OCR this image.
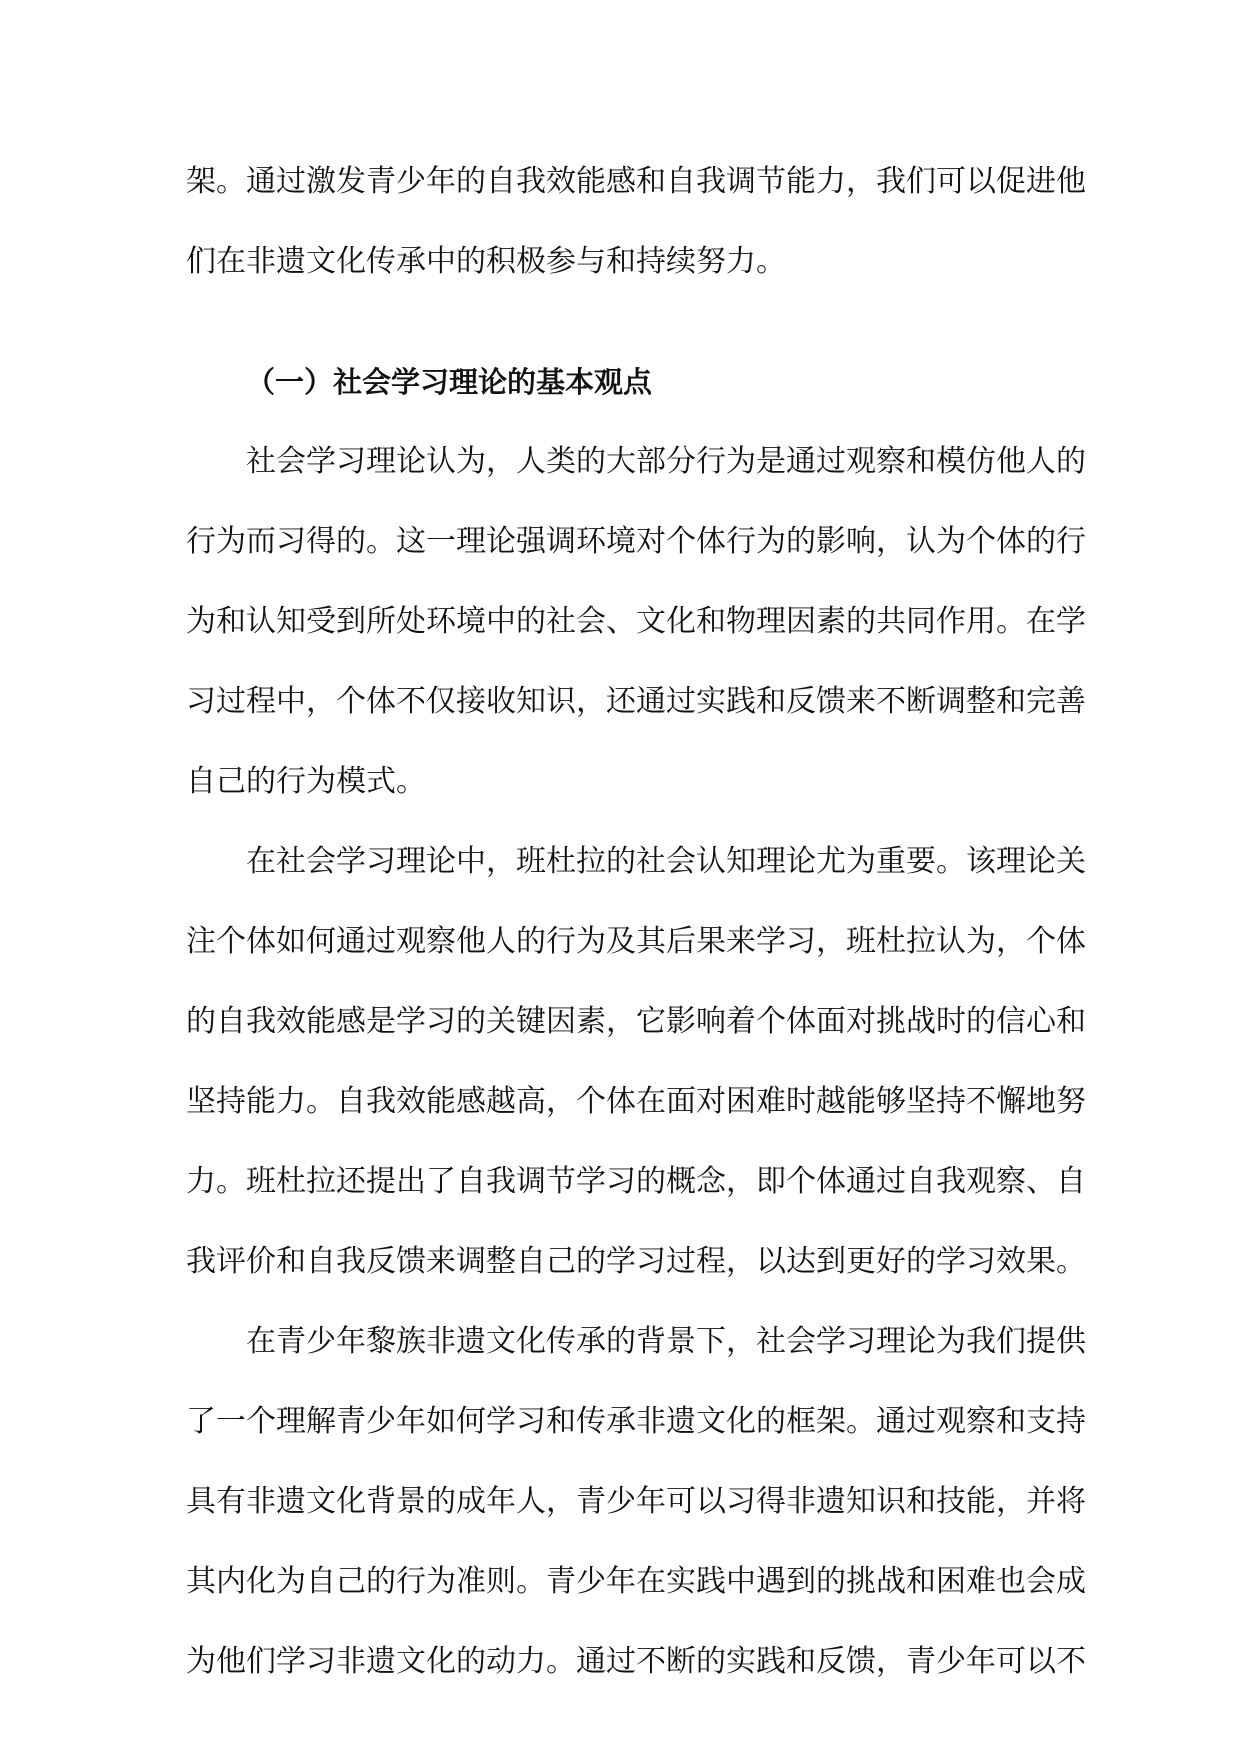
架。通过激发青少年的自我效能感和自我调节能力，我们可以促进他
们在非遗文化传承中的积极参与和持续努力。
（一）社会学习理论的基本观点
社会学习理论认为，人类的大部分行为是通过观察和模仿他人的
行为而习得的。这一理论强调环境对个体行为的影响，认为个体的行
为和认知受到所处环境中的社会、文化和物理因素的共同作用。在学
习过程中，个体不仅接收知识，还通过实践和反馈来不断调整和完善
自己的行为模式。
在社会学习理论中，班杜拉的社会认知理论尤为重要。该理论关
注个体如何通过观察他人的行为及其后果来学习，班杜拉认为，个体
的自我效能感是学习的关键因素，它影响着个体面对挑战时的信心和
坚持能力。自我效能感越高，个体在面对困难时越能够坚持不懈地努
力。班杜拉还提出了自我调节学习的概念，即个体通过自我观察、自
我评价和自我反馈来调整自己的学习过程，以达到更好的学习效果。
在青少年黎族非遗文化传承的背景下，社会学习理论为我们提供
了一个理解青少年如何学习和传承非遗文化的框架。通过观察和支持
具有非遗文化背景的成年人，青少年可以习得非遗知识和技能，并将
其内化为自己的行为准则。青少年在实践中遇到的挑战和困难也会成
为他们学习非遗文化的动力。通过不断的实践和反馈，青少年可以不
